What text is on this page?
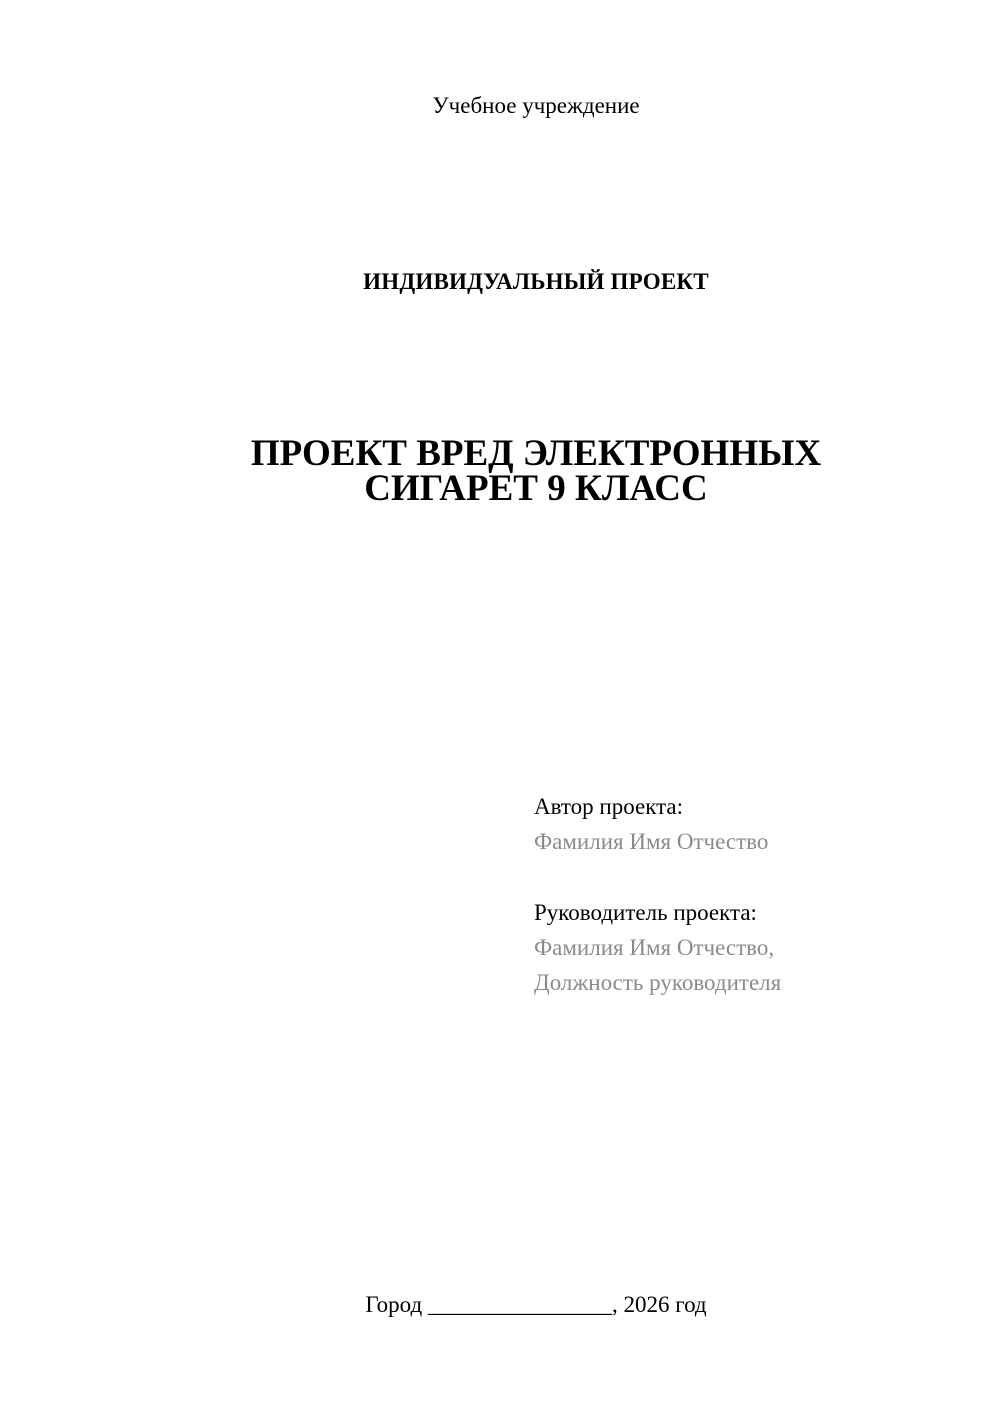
Учебное учреждение
ИНДИВИДУАЛЬНЫЙ ПРОЕКТ
ПРОЕКТ ВРЕД ЭЛЕКТРОННЫХ
СИГАРЕТ 9 КЛАСС
Автор проекта:
Фамилия Имя Отчество
Руководитель проекта:
Фамилия Имя Отчество,
Должность руководителя
Город ________________, 2026 год
